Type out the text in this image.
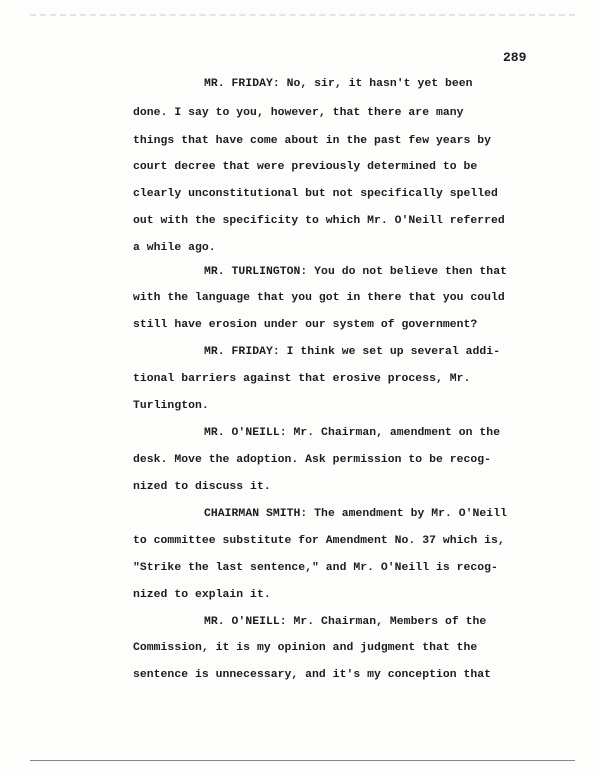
289
MR. FRIDAY: No, sir, it hasn't yet been
done. I say to you, however, that there are many
things that have come about in the past few years by
court decree that were previously determined to be
clearly unconstitutional but not specifically spelled
out with the specificity to which Mr. O'Neill referred
a while ago.
MR. TURLINGTON: You do not believe then that
with the language that you got in there that you could
still have erosion under our system of government?
MR. FRIDAY: I think we set up several addi-
tional barriers against that erosive process, Mr.
Turlington.
MR. O'NEILL: Mr. Chairman, amendment on the
desk. Move the adoption. Ask permission to be recog-
nized to discuss it.
CHAIRMAN SMITH: The amendment by Mr. O'Neill
to committee substitute for Amendment No. 37 which is,
"Strike the last sentence," and Mr. O'Neill is recog-
nized to explain it.
MR. O'NEILL: Mr. Chairman, Members of the
Commission, it is my opinion and judgment that the
sentence is unnecessary, and it's my conception that
